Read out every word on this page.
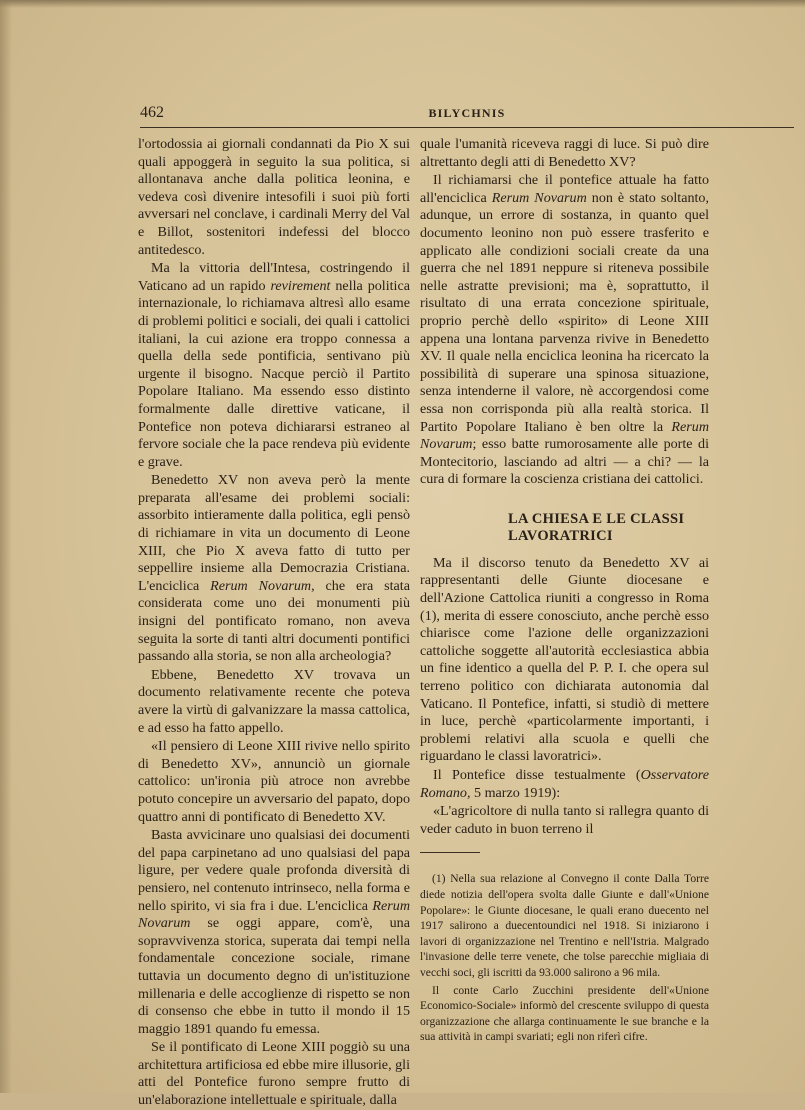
462	BILYCHNIS

l'ortodossia ai giornali condannati da Pio X sui quali appoggerà in seguito la sua politica, si allontanava anche dalla politica leonina, e vedeva così divenire intesofili i suoi più forti avversari nel conclave, i cardinali Merry del Val e Billot, sostenitori indefessi del blocco antitedesco.

Ma la vittoria dell'Intesa, costringendo il Vaticano ad un rapido revirement nella politica internazionale, lo richiamava altresì allo esame di problemi politici e sociali, dei quali i cattolici italiani, la cui azione era troppo connessa a quella della sede pontificia, sentivano più urgente il bisogno. Nacque perciò il Partito Popolare Italiano. Ma essendo esso distinto formalmente dalle direttive vaticane, il Pontefice non poteva dichiararsi estraneo al fervore sociale che la pace rendeva più evidente e grave.

Benedetto XV non aveva però la mente preparata all'esame dei problemi sociali: assorbito intieramente dalla politica, egli pensò di richiamare in vita un documento di Leone XIII, che Pio X aveva fatto di tutto per seppellire insieme alla Democrazia Cristiana. L'enciclica Rerum Novarum, che era stata considerata come uno dei monumenti più insigni del pontificato romano, non aveva seguita la sorte di tanti altri documenti pontifici passando alla storia, se non alla archeologia?

Ebbene, Benedetto XV trovava un documento relativamente recente che poteva avere la virtù di galvanizzare la massa cattolica, e ad esso ha fatto appello.

«Il pensiero di Leone XIII rivive nello spirito di Benedetto XV», annunciò un giornale cattolico: un'ironia più atroce non avrebbe potuto concepire un avversario del papato, dopo quattro anni di pontificato di Benedetto XV.

Basta avvicinare uno qualsiasi dei documenti del papa carpinetano ad uno qualsiasi del papa ligure, per vedere quale profonda diversità di pensiero, nel contenuto intrinseco, nella forma e nello spirito, vi sia fra i due. L'enciclica Rerum Novarum se oggi appare, com'è, una sopravvivenza storica, superata dai tempi nella fondamentale concezione sociale, rimane tuttavia un documento degno di un'istituzione millenaria e delle accoglienze di rispetto se non di consenso che ebbe in tutto il mondo il 15 maggio 1891 quando fu emessa.

Se il pontificato di Leone XIII poggiò su una architettura artificiosa ed ebbe mire illusorie, gli atti del Pontefice furono sempre frutto di un'elaborazione intellettuale e spirituale, dalla

quale l'umanità riceveva raggi di luce. Si può dire altrettanto degli atti di Benedetto XV?

Il richiamarsi che il pontefice attuale ha fatto all'enciclica Rerum Novarum non è stato soltanto, adunque, un errore di sostanza, in quanto quel documento leonino non può essere trasferito e applicato alle condizioni sociali create da una guerra che nel 1891 neppure si riteneva possibile nelle astratte previsioni; ma è, soprattutto, il risultato di una errata concezione spirituale, proprio perchè dello «spirito» di Leone XIII appena una lontana parvenza rivive in Benedetto XV. Il quale nella enciclica leonina ha ricercato la possibilità di superare una spinosa situazione, senza intenderne il valore, nè accorgendosi come essa non corrisponda più alla realtà storica. Il Partito Popolare Italiano è ben oltre la Rerum Novarum; esso batte rumorosamente alle porte di Montecitorio, lasciando ad altri — a chi? — la cura di formare la coscienza cristiana dei cattolici.

LA CHIESA E LE CLASSI
LAVORATRICI

Ma il discorso tenuto da Benedetto XV ai rappresentanti delle Giunte diocesane e dell'Azione Cattolica riuniti a congresso in Roma (1), merita di essere conosciuto, anche perchè esso chiarisce come l'azione delle organizzazioni cattoliche soggette all'autorità ecclesiastica abbia un fine identico a quella del P. P. I. che opera sul terreno politico con dichiarata autonomia dal Vaticano. Il Pontefice, infatti, si studiò di mettere in luce, perchè «particolarmente importanti, i problemi relativi alla scuola e quelli che riguardano le classi lavoratrici».

Il Pontefice disse testualmente (Osservatore Romano, 5 marzo 1919):

«L'agricoltore di nulla tanto si rallegra quanto di veder caduto in buon terreno il

(1) Nella sua relazione al Convegno il conte Dalla Torre diede notizia dell'opera svolta dalle Giunte e dall'«Unione Popolare»: le Giunte diocesane, le quali erano duecento nel 1917 salirono a duecentoundici nel 1918. Si iniziarono i lavori di organizzazione nel Trentino e nell'Istria. Malgrado l'invasione delle terre venete, che tolse parecchie migliaia di vecchi soci, gli iscritti da 93.000 salirono a 96 mila.

Il conte Carlo Zucchini presidente dell'«Unione Economico-Sociale» informò del crescente sviluppo di questa organizzazione che allarga continuamente le sue branche e la sua attività in campi svariati; egli non riferì cifre.
